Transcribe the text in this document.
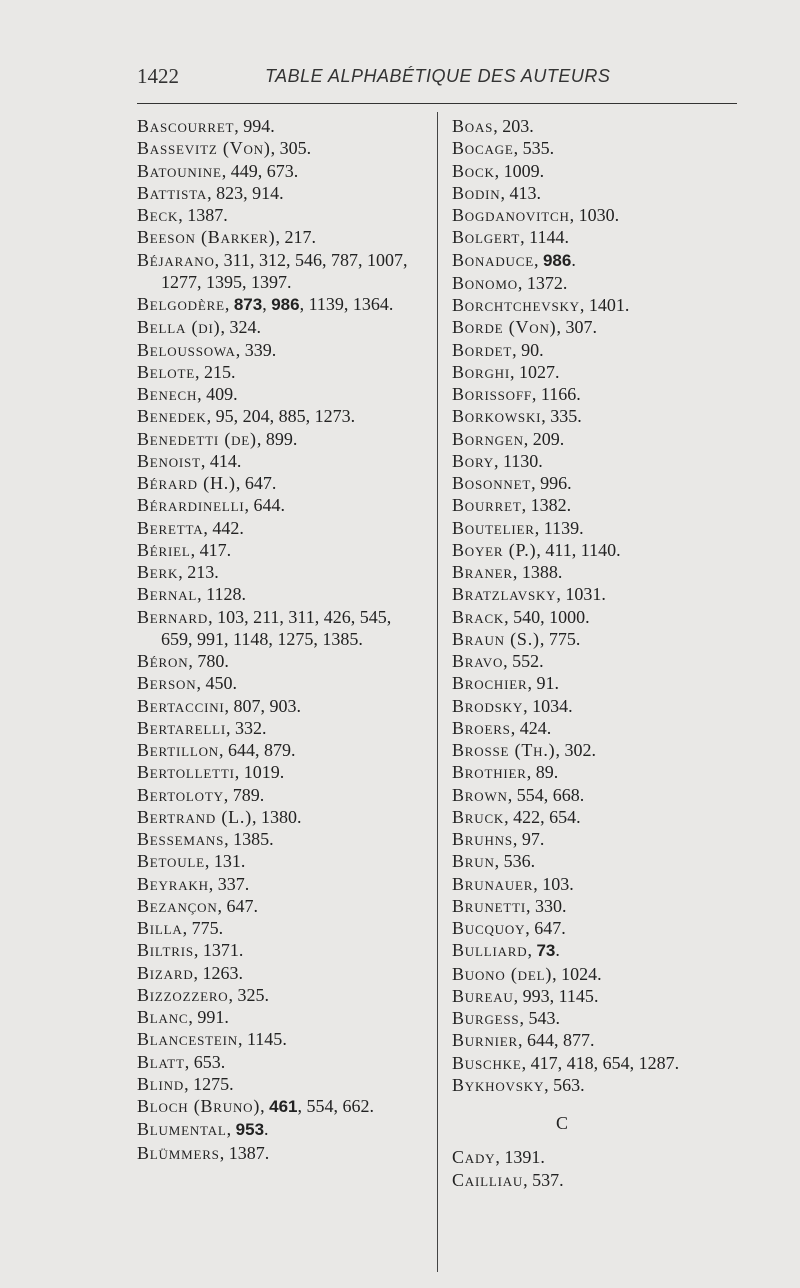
1422	TABLE ALPHABÉTIQUE DES AUTEURS
Bascourret, 994.
Bassevitz (Von), 305.
Batounine, 449, 673.
Battista, 823, 914.
Beck, 1387.
Beeson (Barker), 217.
Béjarano, 311, 312, 546, 787, 1007, 1277, 1395, 1397.
Belgodère, 873, 986, 1139, 1364.
Bella (di), 324.
Beloussowa, 339.
Belote, 215.
Benech, 409.
Benedek, 95, 204, 885, 1273.
Benedetti (de), 899.
Benoist, 414.
Bérard (H.), 647.
Bérardinelli, 644.
Beretta, 442.
Bériel, 417.
Berk, 213.
Bernal, 1128.
Bernard, 103, 211, 311, 426, 545, 659, 991, 1148, 1275, 1385.
Béron, 780.
Berson, 450.
Bertaccini, 807, 903.
Bertarelli, 332.
Bertillon, 644, 879.
Bertolletti, 1019.
Bertoloty, 789.
Bertrand (L.), 1380.
Bessemans, 1385.
Betoule, 131.
Beyrakh, 337.
Bezançon, 647.
Billa, 775.
Biltris, 1371.
Bizard, 1263.
Bizzozzero, 325.
Blanc, 991.
Blancestein, 1145.
Blatt, 653.
Blind, 1275.
Bloch (Bruno), 461, 554, 662.
Blumental, 953.
Blümmers, 1387.
Boas, 203.
Bocage, 535.
Bock, 1009.
Bodin, 413.
Bogdanovitch, 1030.
Bolgert, 1144.
Bonaduce, 986.
Bonomo, 1372.
Borchtchevsky, 1401.
Borde (Von), 307.
Bordet, 90.
Borghi, 1027.
Borissoff, 1166.
Borkowski, 335.
Borngen, 209.
Bory, 1130.
Bosonnet, 996.
Bourret, 1382.
Boutelier, 1139.
Boyer (P.), 411, 1140.
Braner, 1388.
Bratzlavsky, 1031.
Brack, 540, 1000.
Braun (S.), 775.
Bravo, 552.
Brochier, 91.
Brodsky, 1034.
Broers, 424.
Brosse (Th.), 302.
Brothier, 89.
Brown, 554, 668.
Bruck, 422, 654.
Bruhns, 97.
Brun, 536.
Brunauer, 103.
Brunetti, 330.
Bucquoy, 647.
Bulliard, 73.
Buono (del), 1024.
Bureau, 993, 1145.
Burgess, 543.
Burnier, 644, 877.
Buschke, 417, 418, 654, 1287.
Bykhovsky, 563.
C
Cady, 1391.
Cailliau, 537.
